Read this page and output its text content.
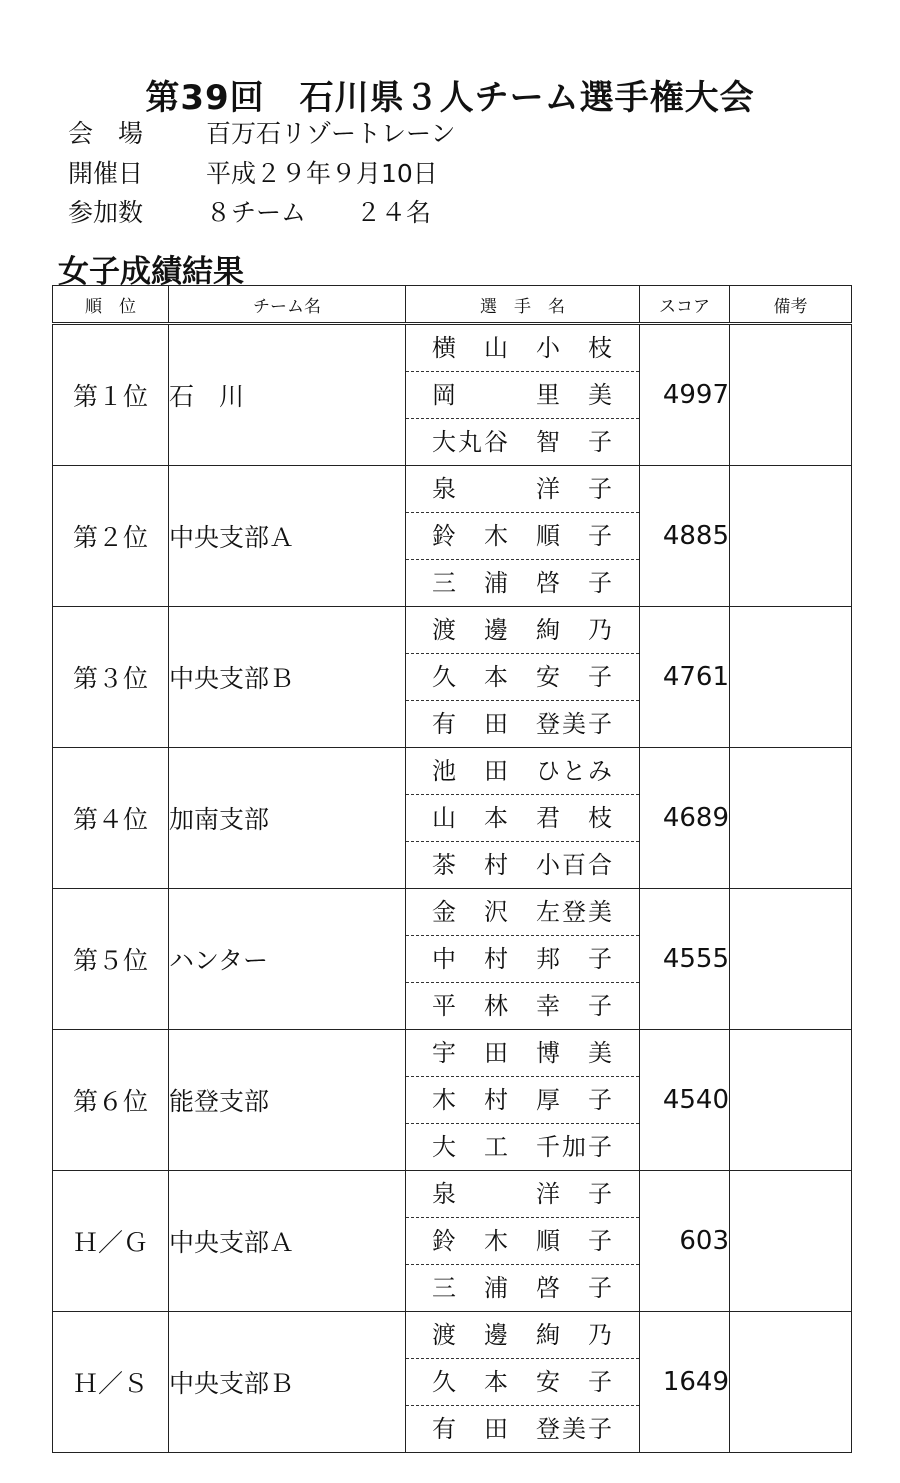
第39回　石川県３人チーム選手権大会
会　場	百万石リゾートレーン
開催日	平成２９年９月10日
参加数	８チーム　　２４名
女子成績結果
順　位	チーム名	選　手　名	スコア	備考
第１位	石　川	横　山　小　枝
岡　　　里　美
大丸谷　智　子	4997	
第２位	中央支部Ａ	泉　　　洋　子
鈴　木　順　子
三　浦　啓　子	4885	
第３位	中央支部Ｂ	渡　邊　絢　乃
久　本　安　子
有　田　登美子	4761	
第４位	加南支部	池　田　ひとみ
山　本　君　枝
茶　村　小百合	4689	
第５位	ハンター	金　沢　左登美
中　村　邦　子
平　林　幸　子	4555	
第６位	能登支部	宇　田　博　美
木　村　厚　子
大　工　千加子	4540	
Ｈ／Ｇ	中央支部Ａ	泉　　　洋　子
鈴　木　順　子
三　浦　啓　子	603	
Ｈ／Ｓ	中央支部Ｂ	渡　邊　絢　乃
久　本　安　子
有　田　登美子	1649	
